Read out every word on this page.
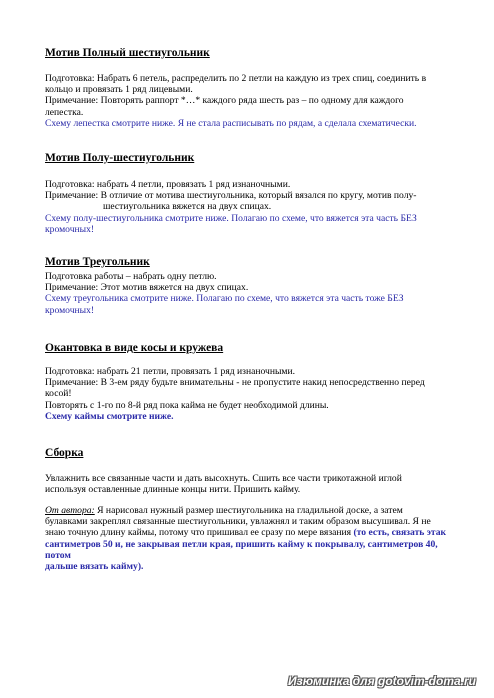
Мотив Полный шестиугольник
Подготовка: Набрать 6 петель, распределить по 2 петли на каждую из трех спиц, соединить в
кольцо и провязать 1 ряд лицевыми.
Примечание: Повторять раппорт *…* каждого ряда шесть раз – по одному для каждого
лепестка.
Схему лепестка смотрите ниже. Я не стала расписывать по рядам, а сделала схематически.
Мотив Полу-шестиугольник
Подготовка: набрать 4 петли, провязать 1 ряд изнаночными.
Примечание: В отличие от мотива шестиугольника, который вязался по кругу, мотив полу-
шестиугольника вяжется на двух спицах.
Схему полу-шестиугольника смотрите ниже. Полагаю по схеме, что вяжется эта часть БЕЗ
кромочных!
Мотив Треугольник
Подготовка работы – набрать одну петлю.
Примечание: Этот мотив вяжется на двух спицах.
Схему треугольника смотрите ниже. Полагаю по схеме, что вяжется эта часть тоже БЕЗ
кромочных!
Окантовка в виде косы и кружева
Подготовка: набрать 21 петли, провязать 1 ряд изнаночными.
Примечание: В 3-ем ряду будьте внимательны - не пропустите накид непосредственно перед
косой!
Повторять с 1-го по 8-й ряд пока кайма не будет необходимой длины.
Схему каймы смотрите ниже.
Сборка
Увлажнить все связанные части и дать высохнуть. Сшить все части трикотажной иглой
используя оставленные длинные концы нити. Пришить кайму.
От автора: Я нарисовал нужный размер шестиугольника на гладильной доске, а затем
булавками закреплял связанные шестиугольники, увлажнял и таким образом высушивал. Я не
знаю точную длину каймы, потому что пришивал ее сразу по мере вязания (то есть, связать этак
сантиметров 50 и, не закрывая петли края, пришить кайму к покрывалу, сантиметров 40, потом
дальше вязать кайму).
Изюминка для gotovim-doma.ru
